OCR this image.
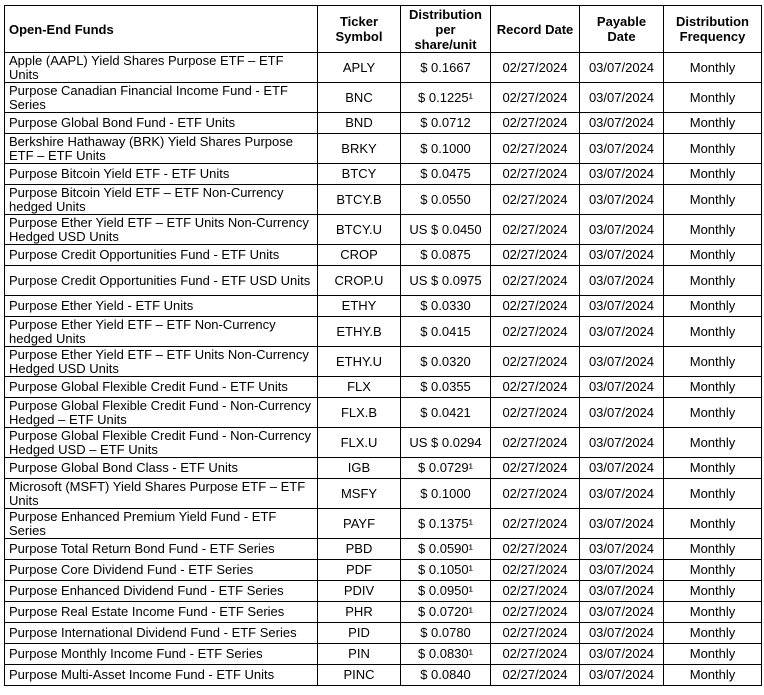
Open-End Funds	Ticker Symbol	Distribution per share/unit	Record Date	Payable Date	Distribution Frequency
Apple (AAPL) Yield Shares Purpose ETF – ETF Units	APLY	$ 0.1667	02/27/2024	03/07/2024	Monthly
Purpose Canadian Financial Income Fund - ETF Series	BNC	$ 0.1225¹	02/27/2024	03/07/2024	Monthly
Purpose Global Bond Fund - ETF Units	BND	$ 0.0712	02/27/2024	03/07/2024	Monthly
Berkshire Hathaway (BRK) Yield Shares Purpose ETF – ETF Units	BRKY	$ 0.1000	02/27/2024	03/07/2024	Monthly
Purpose Bitcoin Yield ETF - ETF Units	BTCY	$ 0.0475	02/27/2024	03/07/2024	Monthly
Purpose Bitcoin Yield ETF – ETF Non-Currency hedged Units	BTCY.B	$ 0.0550	02/27/2024	03/07/2024	Monthly
Purpose Ether Yield ETF – ETF Units Non-Currency Hedged USD Units	BTCY.U	US $ 0.0450	02/27/2024	03/07/2024	Monthly
Purpose Credit Opportunities Fund - ETF Units	CROP	$ 0.0875	02/27/2024	03/07/2024	Monthly
Purpose Credit Opportunities Fund - ETF USD Units	CROP.U	US $ 0.0975	02/27/2024	03/07/2024	Monthly
Purpose Ether Yield - ETF Units	ETHY	$ 0.0330	02/27/2024	03/07/2024	Monthly
Purpose Ether Yield ETF – ETF Non-Currency hedged Units	ETHY.B	$ 0.0415	02/27/2024	03/07/2024	Monthly
Purpose Ether Yield ETF – ETF Units Non-Currency Hedged USD Units	ETHY.U	$ 0.0320	02/27/2024	03/07/2024	Monthly
Purpose Global Flexible Credit Fund - ETF Units	FLX	$ 0.0355	02/27/2024	03/07/2024	Monthly
Purpose Global Flexible Credit Fund - Non-Currency Hedged – ETF Units	FLX.B	$ 0.0421	02/27/2024	03/07/2024	Monthly
Purpose Global Flexible Credit Fund - Non-Currency Hedged USD – ETF Units	FLX.U	US $ 0.0294	02/27/2024	03/07/2024	Monthly
Purpose Global Bond Class - ETF Units	IGB	$ 0.0729¹	02/27/2024	03/07/2024	Monthly
Microsoft (MSFT) Yield Shares Purpose ETF – ETF Units	MSFY	$ 0.1000	02/27/2024	03/07/2024	Monthly
Purpose Enhanced Premium Yield Fund - ETF Series	PAYF	$ 0.1375¹	02/27/2024	03/07/2024	Monthly
Purpose Total Return Bond Fund - ETF Series	PBD	$ 0.0590¹	02/27/2024	03/07/2024	Monthly
Purpose Core Dividend Fund - ETF Series	PDF	$ 0.1050¹	02/27/2024	03/07/2024	Monthly
Purpose Enhanced Dividend Fund - ETF Series	PDIV	$ 0.0950¹	02/27/2024	03/07/2024	Monthly
Purpose Real Estate Income Fund - ETF Series	PHR	$ 0.0720¹	02/27/2024	03/07/2024	Monthly
Purpose International Dividend Fund - ETF Series	PID	$ 0.0780	02/27/2024	03/07/2024	Monthly
Purpose Monthly Income Fund - ETF Series	PIN	$ 0.0830¹	02/27/2024	03/07/2024	Monthly
Purpose Multi-Asset Income Fund - ETF Units	PINC	$ 0.0840	02/27/2024	03/07/2024	Monthly
